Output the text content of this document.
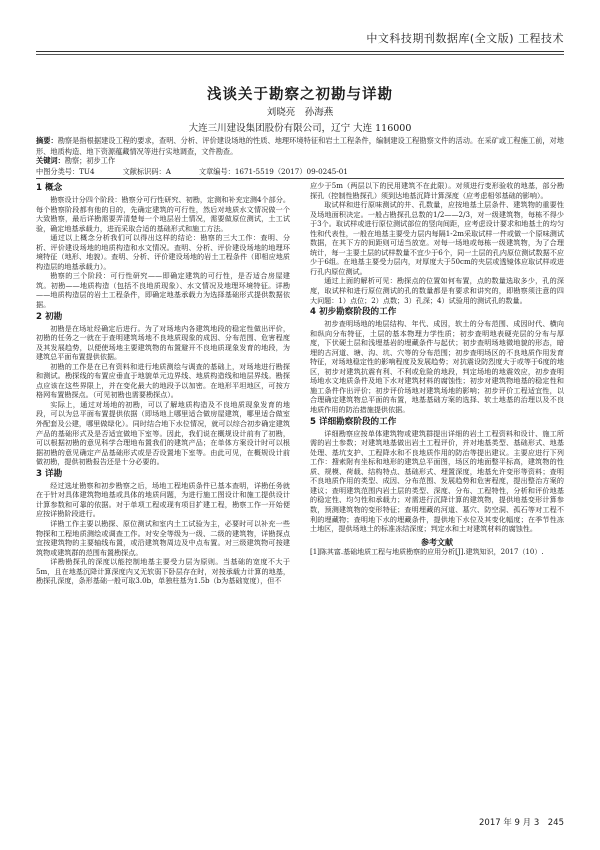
中文科技期刊数据库(全文版) 工程技术
浅谈关于勘察之初勘与详勘
刘晓亮　孙海燕
大连三川建设集团股份有限公司，辽宁 大连 116000
摘要：勘察是指根据建设工程的要求，查明、分析、评价建设场地的性质、地理环境特征和岩土工程条件，编制建设工程勘察文件的活动。在采矿或工程施工前，对地形、地质构造、地下资源蕴藏情况等进行实地调查，文件勘查。
关键词：勘察；初步工作
中图分类号：TU4	文献标识码：A	文章编号：1671-5519（2017）09-0245-01
1 概念

勘察设计分四个阶段：勘察分可行性研究、初勘，定测和补充定测4个部分。每个勘察阶段都有他的目的，先确定建筑的可行性，然后对地质水文情况做一个大致勘察，最后详勘需要弄清楚每一个地层岩土情况，需要做原位测试，土工试验，确定地基承载力，进而采取合适的基础形式和施工方法。

通过以上概念分析我们可以得出这样的结论：勘察的三大工作：查明、分析、评价建设场地的地质构造和水文情况。查明、分析、评价建设场地的地理环境特征（地形、地貌）。查明、分析、评价建设场地的岩土工程条件（即相应地质构造层的地基承载力）。

勘察的三个阶段：可行性研究——即确定建筑的可行性，是否适合房屋建筑。初勘——地质构造（包括不良地质现象）、水文情况及地理环境特征。详勘——地质构造层的岩土工程条件，即确定地基承载力为选择基础形式提供数据依据。

2 初勘

初勘是在场址经确定后进行。为了对场地内各建筑地段的稳定性做出评价，初勘的任务之一就在于查明建筑场地不良地质现象的成因、分布范围、危害程度及其发展趋势，以便使场地主要建筑物的布置避开不良地质现象发育的地段，为建筑总平面布置提供依据。

初勘的工作是在已有资料和进行地质测绘与调查的基础上，对场地进行勘探和测试。勘探线的布置应垂直于地貌单元边界线、地质构造线和地层界线。勘探点应该在这些界限上，并在变化最大的地段予以加密。在地形平坦地区，可按方格网布置勘探点。（可见初勘也需要勘探点）。

实际上，通过对场地的初勘，可以了解地质构造及不良地质现象发育的地段，可以为总平面布置提供依据（即场地上哪里适合做房屋建筑，哪里适合做室外配套及公建，哪里做绿化）。同时结合地下水位情况，就可以综合初步确定建筑产品的基础形式及是否适宜做地下室等。因此，我们说在概规设计前有了初勘，可以根据初勘的意见科学合理地布置我们的建筑产品；在单体方案设计时可以根据初勘的意见确定产品基础形式或是否设置地下室等。由此可见，在概规设计前做初勘，提供初勘报告还是十分必要的。

3 详勘

经过选址勘察和初步勘察之后，场地工程地质条件已基本查明，详勘任务就在于针对具体建筑物地基或具体的地质问题，为进行施工图设计和施工提供设计计算参数和可靠的依据。对于单项工程或现有项目扩建工程，勘察工作一开始便应按详勘阶段进行。

详勘工作主要以勘探、原位测试和室内土工试验为主，必要时可以补充一些物探和工程地质测绘或调查工作。对安全等级为一级、二级的建筑物，详勘探点宜按建筑物的主要轴线布置，或沿建筑物周边及中点布置。对三级建筑物可按建筑物或建筑群的范围布置勘探点。

详勘勘探孔的深度以能控制地基主要受力层为原则。当基础的宽度不大于5m，且在地基沉降计算深度内又无软弱下卧层存在时，对按承载力计算的地基，勘探孔深度，条形基础一般可取3.0b，单独柱基为1.5b（b为基础宽度），但不

应少于5m（两层以下的民用建筑不在此限）。对须进行变形验收的地基，部分勘探孔（控制性勘探孔）须到达地基沉降计算深度（应考虑相邻基础的影响）。

取试样和进行原味测试的井、孔数量，应按地基土层条件、建筑物的重要性及场地面积决定。一般占勘探孔总数的1/2——2/3，对一级建筑物，每栋不得少于3个。取试样或进行原位测试部位的竖向间距，应考虑设计要求和地基土的均匀性和代表性，一般在地基主要受力层内每隔1-2m采取试样一件或做一个原味测试数据，在其下方的间距则可适当放宽。对每一场地或每栋一级建筑物，为了合理统计，每一主要土层的试样数量不宜少于6个，同一土层的孔内原位测试数据不应少于6组。在地基主要受力层内，对厚度大于50cm的夹层或透镜体应取试样或进行孔内原位测试。

通过上面的解析可见：勘探点的位置如何布置，点的数量选取多少，孔的深度，取试样和进行原位测试的孔的数量都是有要求和讲究的，即勘察须注意的四大问题：1）点位；2）点数；3）孔深；4）试验用的测试孔的数量。

4 初步勘察阶段的工作

初步查明场地的地层结构、年代、成因，软土的分布范围、成因时代、横向和纵向分布特征，土层的基本物理力学性质；初步查明地表硬壳层的分布与厚度，下伏硬土层和浅埋基岩的埋藏条件与起伏；初步查明场地微地貌的形态，暗埋的古河道、塘、沟、坑、穴等的分布范围；初步查明场区的不良地质作用发育特征，对场地稳定性的影响程度及发展趋势；对抗震设防烈度大于或等于6度的地区，初步对建筑抗震有利、不利或危险的地段，判定场地的地震效应，初步查明场地水文地质条件及地下水对建筑材料的腐蚀性；初步对建筑物地基的稳定性和施工条件作出评价；初步评价场地对建筑场地的影响；初步评价工程适宜性，以合理确定建筑物总平面的布置，地基基础方案的选择、软土地基的治理以及不良地质作用的防治措施提供依据。

5 详细勘察阶段的工作

详细勘察应按单体建筑物或建筑群提出详细的岩土工程资料和设计、施工所需的岩土参数；对建筑地基做出岩土工程评价，并对地基类型、基础形式、地基处理、基坑支护、工程降水和不良地质作用的防治等提出建议。主要应进行下列工作：搜索附有坐标和地形的建筑总平面图，场区的地面整平标高，建筑物的性质、规模、荷载、结构特点、基础形式、埋置深度，地基允许变形等资料；查明不良地质作用的类型、成因、分布范围、发展趋势和危害程度，提出整治方案的建议；查明建筑范围内岩土层的类型、深度、分布、工程特性，分析和评价地基的稳定性、均匀性和承载力；对需进行沉降计算的建筑物，提供地基变形计算参数，预测建筑物的变形特征；查明埋藏的河道、墓穴、防空洞、孤石等对工程不利的埋藏物；查明地下水的埋藏条件，提供地下水位及其变化幅度；在季节性冻土地区，提供场地土的标准冻结深度；判定水和土对建筑材料的腐蚀性。

参考文献

[1]陈其富.基础地质工程与地质勘察的应用分析[J].建筑知识，2017（10）.

2017 年 9 月 3　245
